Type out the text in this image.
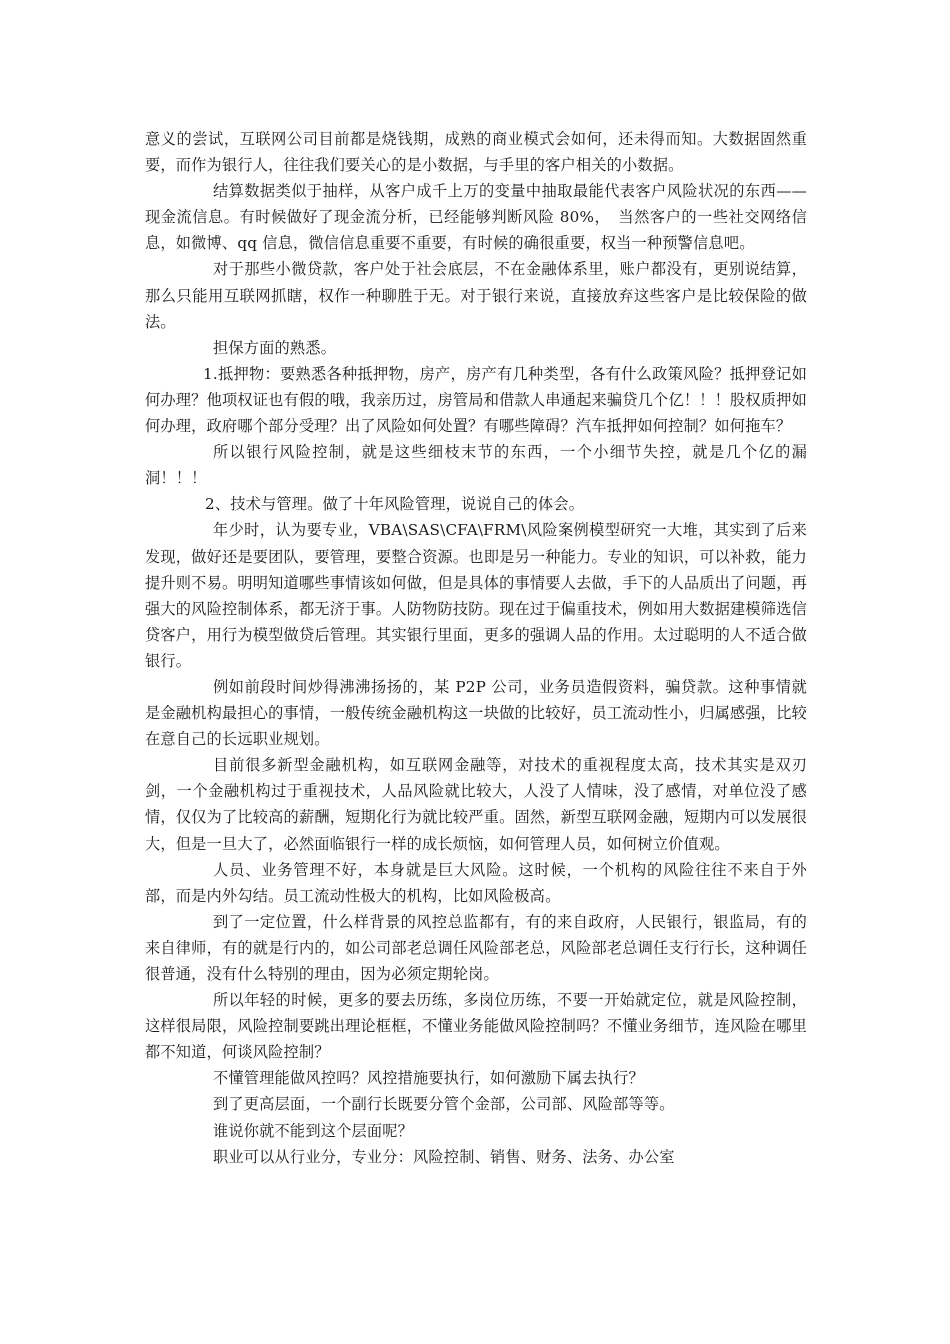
意义的尝试，互联网公司目前都是烧钱期，成熟的商业模式会如何，还未得而知。大数据固然重要，而作为银行人，往往我们要关心的是小数据，与手里的客户相关的小数据。

结算数据类似于抽样，从客户成千上万的变量中抽取最能代表客户风险状况的东西——现金流信息。有时候做好了现金流分析，已经能够判断风险 80%，　当然客户的一些社交网络信息，如微博、qq 信息，微信信息重要不重要，有时候的确很重要，权当一种预警信息吧。

对于那些小微贷款，客户处于社会底层，不在金融体系里，账户都没有，更别说结算，那么只能用互联网抓瞎，权作一种聊胜于无。对于银行来说，直接放弃这些客户是比较保险的做法。

担保方面的熟悉。

1.抵押物：要熟悉各种抵押物，房产，房产有几种类型，各有什么政策风险？抵押登记如何办理？他项权证也有假的哦，我亲历过，房管局和借款人串通起来骗贷几个亿！！！股权质押如何办理，政府哪个部分受理？出了风险如何处置？有哪些障碍？汽车抵押如何控制？如何拖车？

所以银行风险控制，就是这些细枝末节的东西，一个小细节失控，就是几个亿的漏洞！！！

2、技术与管理。做了十年风险管理，说说自己的体会。

年少时，认为要专业，VBA\SAS\CFA\FRM\风险案例模型研究一大堆，其实到了后来发现，做好还是要团队，要管理，要整合资源。也即是另一种能力。专业的知识，可以补救，能力提升则不易。明明知道哪些事情该如何做，但是具体的事情要人去做，手下的人品质出了问题，再强大的风险控制体系，都无济于事。人防物防技防。现在过于偏重技术，例如用大数据建模筛选信贷客户，用行为模型做贷后管理。其实银行里面，更多的强调人品的作用。太过聪明的人不适合做银行。

例如前段时间炒得沸沸扬扬的，某 P2P 公司，业务员造假资料，骗贷款。这种事情就是金融机构最担心的事情，一般传统金融机构这一块做的比较好，员工流动性小，归属感强，比较在意自己的长远职业规划。

目前很多新型金融机构，如互联网金融等，对技术的重视程度太高，技术其实是双刃剑，一个金融机构过于重视技术，人品风险就比较大，人没了人情味，没了感情，对单位没了感情，仅仅为了比较高的薪酬，短期化行为就比较严重。固然，新型互联网金融，短期内可以发展很大，但是一旦大了，必然面临银行一样的成长烦恼，如何管理人员，如何树立价值观。

人员、业务管理不好，本身就是巨大风险。这时候，一个机构的风险往往不来自于外部，而是内外勾结。员工流动性极大的机构，比如风险极高。

到了一定位置，什么样背景的风控总监都有，有的来自政府，人民银行，银监局，有的来自律师，有的就是行内的，如公司部老总调任风险部老总，风险部老总调任支行行长，这种调任很普通，没有什么特别的理由，因为必须定期轮岗。

所以年轻的时候，更多的要去历练，多岗位历练，不要一开始就定位，就是风险控制，这样很局限，风险控制要跳出理论框框，不懂业务能做风险控制吗？不懂业务细节，连风险在哪里都不知道，何谈风险控制？

不懂管理能做风控吗？风控措施要执行，如何激励下属去执行？

到了更高层面，一个副行长既要分管个金部，公司部、风险部等等。

谁说你就不能到这个层面呢？

职业可以从行业分，专业分：风险控制、销售、财务、法务、办公室
